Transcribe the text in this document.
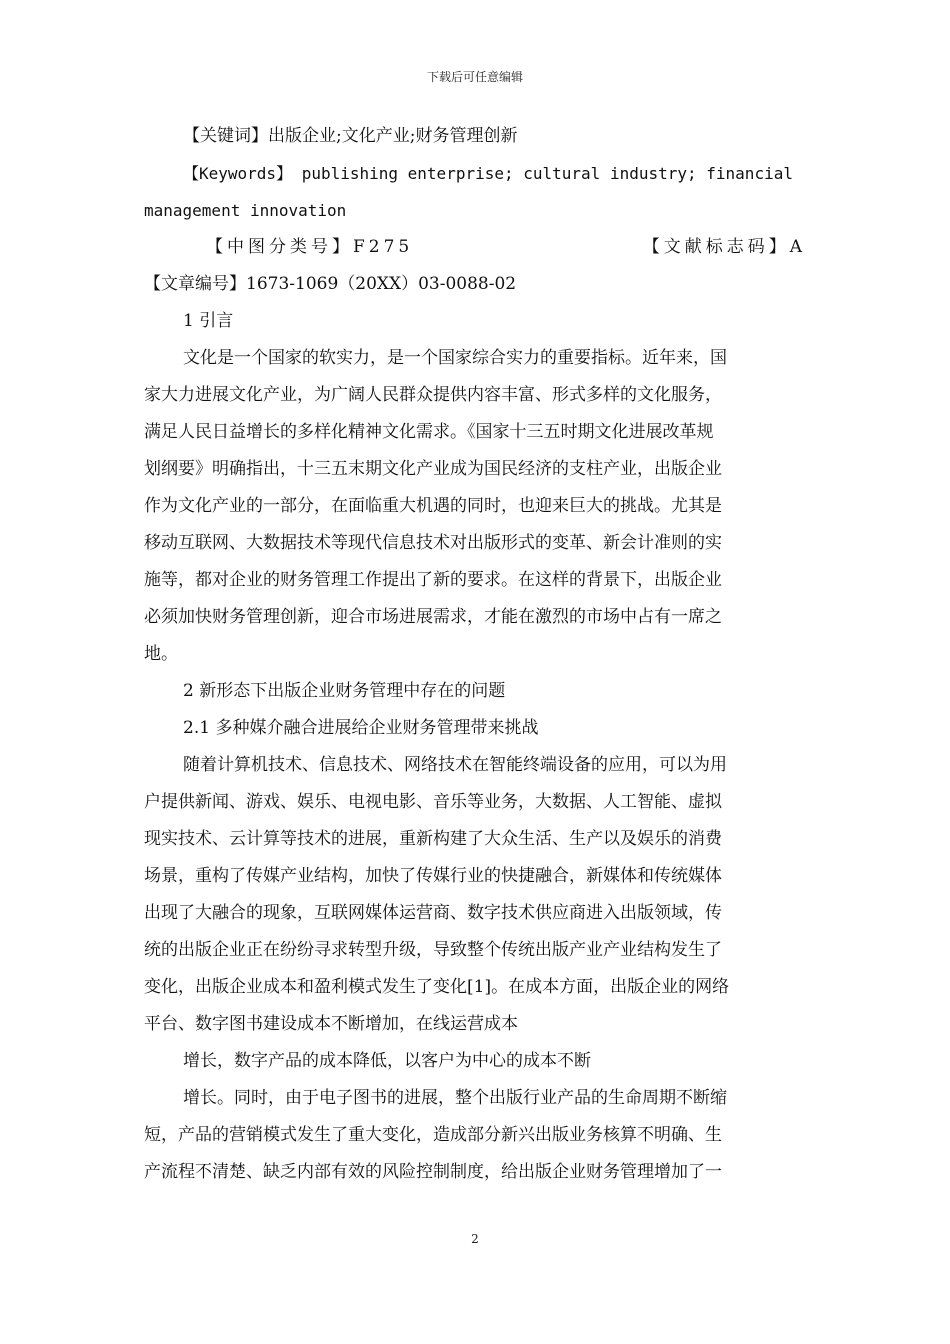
下载后可任意编辑
【关键词】出版企业;文化产业;财务管理创新
【Keywords】 publishing enterprise; cultural industry; financial
management innovation
【中图分类号】F275	【文献标志码】A
【文章编号】1673-1069（20XX）03-0088-02
1 引言
文化是一个国家的软实力，是一个国家综合实力的重要指标。近年来，国
家大力进展文化产业，为广阔人民群众提供内容丰富、形式多样的文化服务，
满足人民日益增长的多样化精神文化需求。《国家十三五时期文化进展改革规
划纲要》明确指出，十三五末期文化产业成为国民经济的支柱产业，出版企业
作为文化产业的一部分，在面临重大机遇的同时，也迎来巨大的挑战。尤其是
移动互联网、大数据技术等现代信息技术对出版形式的变革、新会计准则的实
施等，都对企业的财务管理工作提出了新的要求。在这样的背景下，出版企业
必须加快财务管理创新，迎合市场进展需求，才能在激烈的市场中占有一席之
地。
2 新形态下出版企业财务管理中存在的问题
2.1 多种媒介融合进展给企业财务管理带来挑战
随着计算机技术、信息技术、网络技术在智能终端设备的应用，可以为用
户提供新闻、游戏、娱乐、电视电影、音乐等业务，大数据、人工智能、虚拟
现实技术、云计算等技术的进展，重新构建了大众生活、生产以及娱乐的消费
场景，重构了传媒产业结构，加快了传媒行业的快捷融合，新媒体和传统媒体
出现了大融合的现象，互联网媒体运营商、数字技术供应商进入出版领域，传
统的出版企业正在纷纷寻求转型升级，导致整个传统出版产业产业结构发生了
变化，出版企业成本和盈利模式发生了变化[1]。在成本方面，出版企业的网络
平台、数字图书建设成本不断增加，在线运营成本
增长，数字产品的成本降低，以客户为中心的成本不断
增长。同时，由于电子图书的进展，整个出版行业产品的生命周期不断缩
短，产品的营销模式发生了重大变化，造成部分新兴出版业务核算不明确、生
产流程不清楚、缺乏内部有效的风险控制制度，给出版企业财务管理增加了一
2
